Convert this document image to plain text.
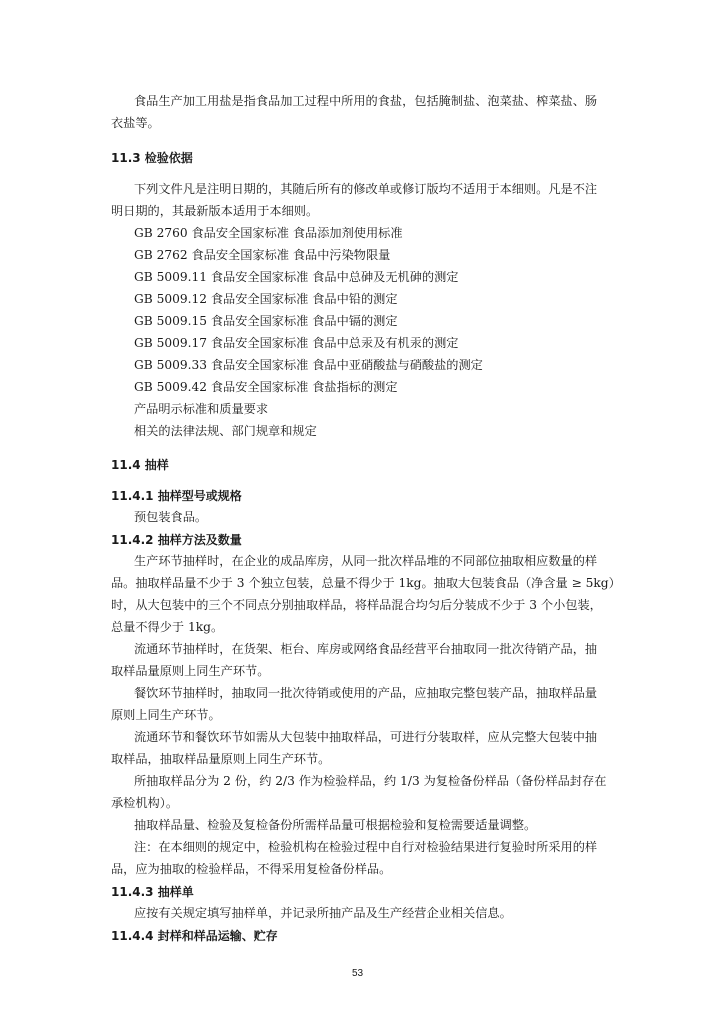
食品生产加工用盐是指食品加工过程中所用的食盐，包括腌制盐、泡菜盐、榨菜盐、肠
衣盐等。
11.3 检验依据
下列文件凡是注明日期的，其随后所有的修改单或修订版均不适用于本细则。凡是不注
明日期的，其最新版本适用于本细则。
GB 2760 食品安全国家标准 食品添加剂使用标准
GB 2762 食品安全国家标准 食品中污染物限量
GB 5009.11 食品安全国家标准 食品中总砷及无机砷的测定
GB 5009.12 食品安全国家标准 食品中铅的测定
GB 5009.15 食品安全国家标准 食品中镉的测定
GB 5009.17 食品安全国家标准 食品中总汞及有机汞的测定
GB 5009.33 食品安全国家标准 食品中亚硝酸盐与硝酸盐的测定
GB 5009.42 食品安全国家标准 食盐指标的测定
产品明示标准和质量要求
相关的法律法规、部门规章和规定
11.4 抽样
11.4.1 抽样型号或规格
预包装食品。
11.4.2 抽样方法及数量
生产环节抽样时，在企业的成品库房，从同一批次样品堆的不同部位抽取相应数量的样
品。抽取样品量不少于 3 个独立包装，总量不得少于 1kg。抽取大包装食品（净含量 ≥ 5kg）
时，从大包装中的三个不同点分别抽取样品，将样品混合均匀后分装成不少于 3 个小包装，
总量不得少于 1kg。
流通环节抽样时，在货架、柜台、库房或网络食品经营平台抽取同一批次待销产品，抽
取样品量原则上同生产环节。
餐饮环节抽样时，抽取同一批次待销或使用的产品，应抽取完整包装产品，抽取样品量
原则上同生产环节。
流通环节和餐饮环节如需从大包装中抽取样品，可进行分装取样，应从完整大包装中抽
取样品，抽取样品量原则上同生产环节。
所抽取样品分为 2 份，约 2/3 作为检验样品，约 1/3 为复检备份样品（备份样品封存在
承检机构）。
抽取样品量、检验及复检备份所需样品量可根据检验和复检需要适量调整。
注：在本细则的规定中，检验机构在检验过程中自行对检验结果进行复验时所采用的样
品，应为抽取的检验样品，不得采用复检备份样品。
11.4.3 抽样单
应按有关规定填写抽样单，并记录所抽产品及生产经营企业相关信息。
11.4.4 封样和样品运输、贮存
53
